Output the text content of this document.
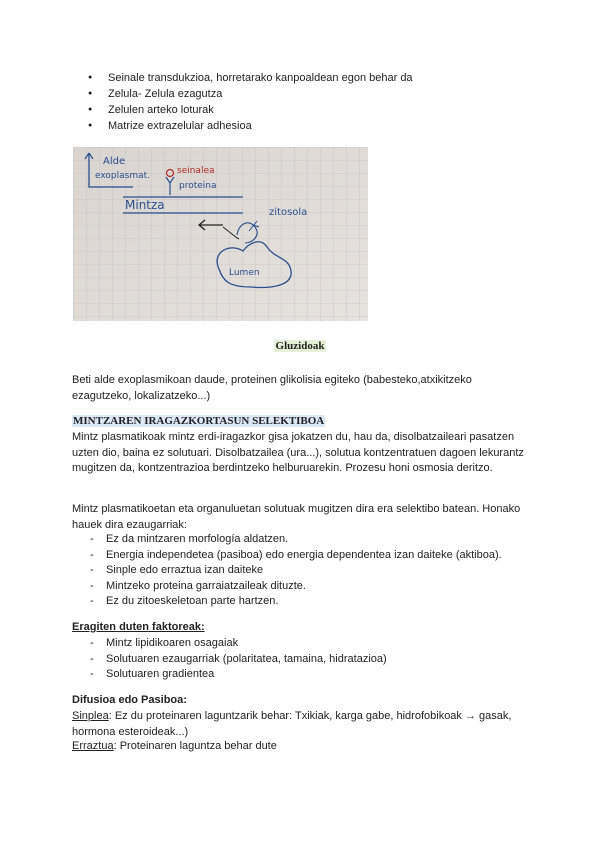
● Seinale transdukzioa, horretarako kanpoaldean egon behar da
● Zelula- Zelula ezagutza
● Zelulen arteko loturak
● Matrize extrazelular adhesioa
Alde
exoplasmat.	seinalea
proteina
Mintza
zitosola
Lumen
Gluzidoak

Beti alde exoplasmikoan daude, proteinen glikolisia egiteko (babesteko,atxikitzeko ezagutzeko, lokalizatzeko...)

MINTZAREN IRAGAZKORTASUN SELEKTIBOA

Mintz plasmatikoak mintz erdi-iragazkor gisa jokatzen du, hau da, disolbatzaileari pasatzen uzten dio, baina ez solutuari. Disolbatzailea (ura...), solutua kontzentratuen dagoen lekurantz mugitzen da, kontzentrazioa berdintzeko helburuarekin. Prozesu honi osmosia deritzo.

Mintz plasmatikoetan eta organuluetan solutuak mugitzen dira era selektibo batean. Honako hauek dira ezaugarriak:

- Ez da mintzaren morfología aldatzen.
- Energia independetea (pasiboa) edo energia dependentea izan daiteke (aktiboa).
- Sinple edo erraztua izan daiteke
- Mintzeko proteina garraiatzaileak dituzte.
- Ez du zitoeskeletoan parte hartzen.
Eragiten duten faktoreak:
- Mintz lipidikoaren osagaiak
- Solutuaren ezaugarriak (polaritatea, tamaina, hidratazioa)
- Solutuaren gradientea
Difusioa edo Pasiboa:

Sinplea: Ez du proteinaren laguntzarik behar: Txikiak, karga gabe, hidrofobikoak → gasak, hormona esteroideak...)

Erraztua: Proteinaren laguntza behar dute
